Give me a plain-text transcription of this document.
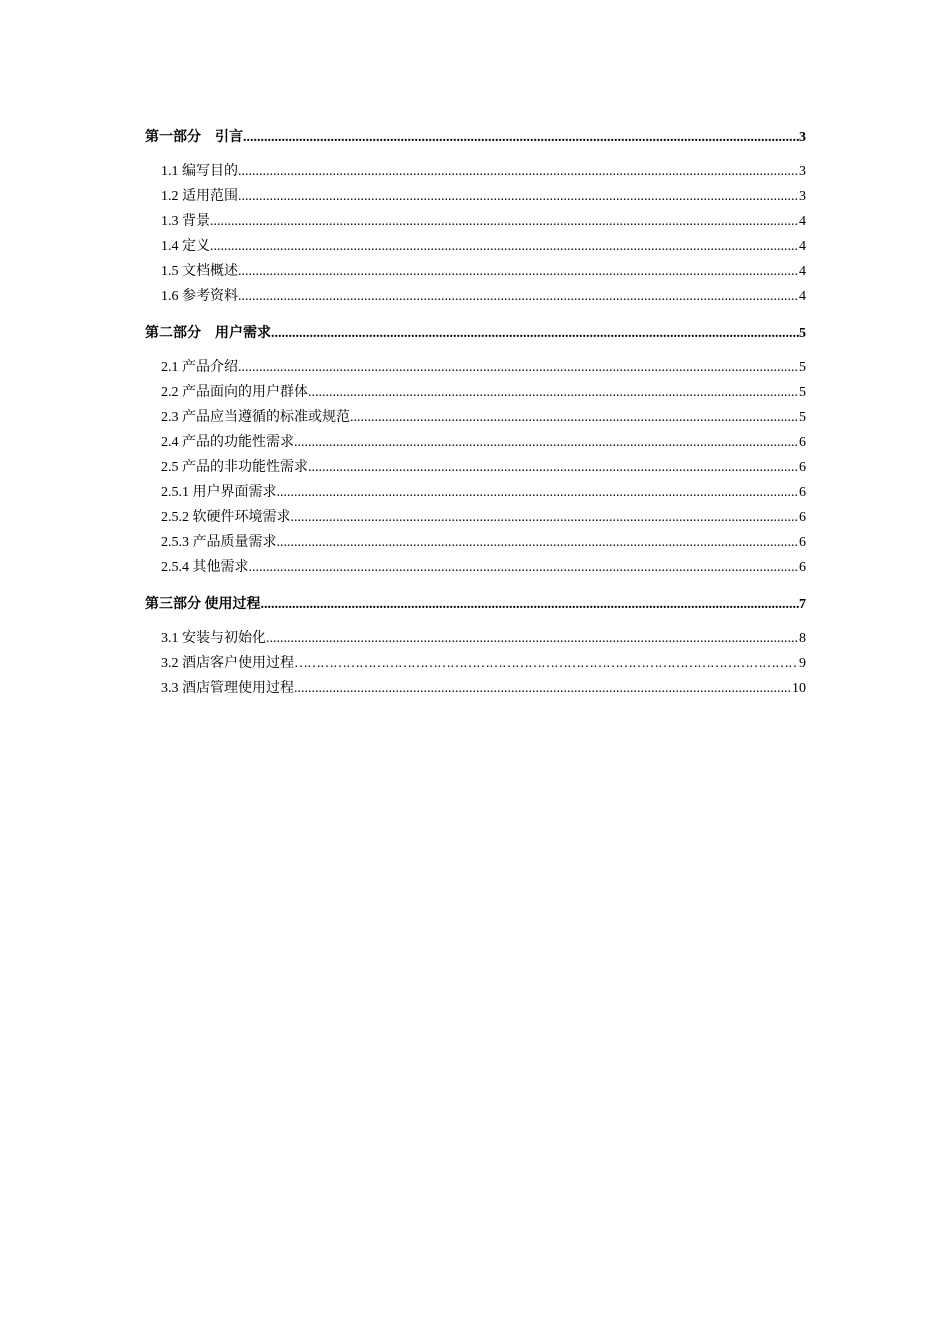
第一部分　引言 .....	3
1.1 编写目的 .....	3
1.2 适用范围 .....	3
1.3 背景 .....	4
1.4 定义 .....	4
1.5 文档概述 .....	4
1.6 参考资料 .....	4
第二部分　用户需求 .....	5
2.1 产品介绍 .....	5
2.2 产品面向的用户群体 .....	5
2.3 产品应当遵循的标准或规范 .....	5
2.4 产品的功能性需求 .....	6
2.5 产品的非功能性需求 .....	6
2.5.1 用户界面需求 .....	6
2.5.2 软硬件环境需求 .....	6
2.5.3 产品质量需求 .....	6
2.5.4 其他需求 .....	6
第三部分 使用过程 .....	7
3.1 安装与初始化 .....	8
3.2 酒店客户使用过程 ……………………………………………………………………………………………………………………	9
3.3 酒店管理使用过程 .....	10
